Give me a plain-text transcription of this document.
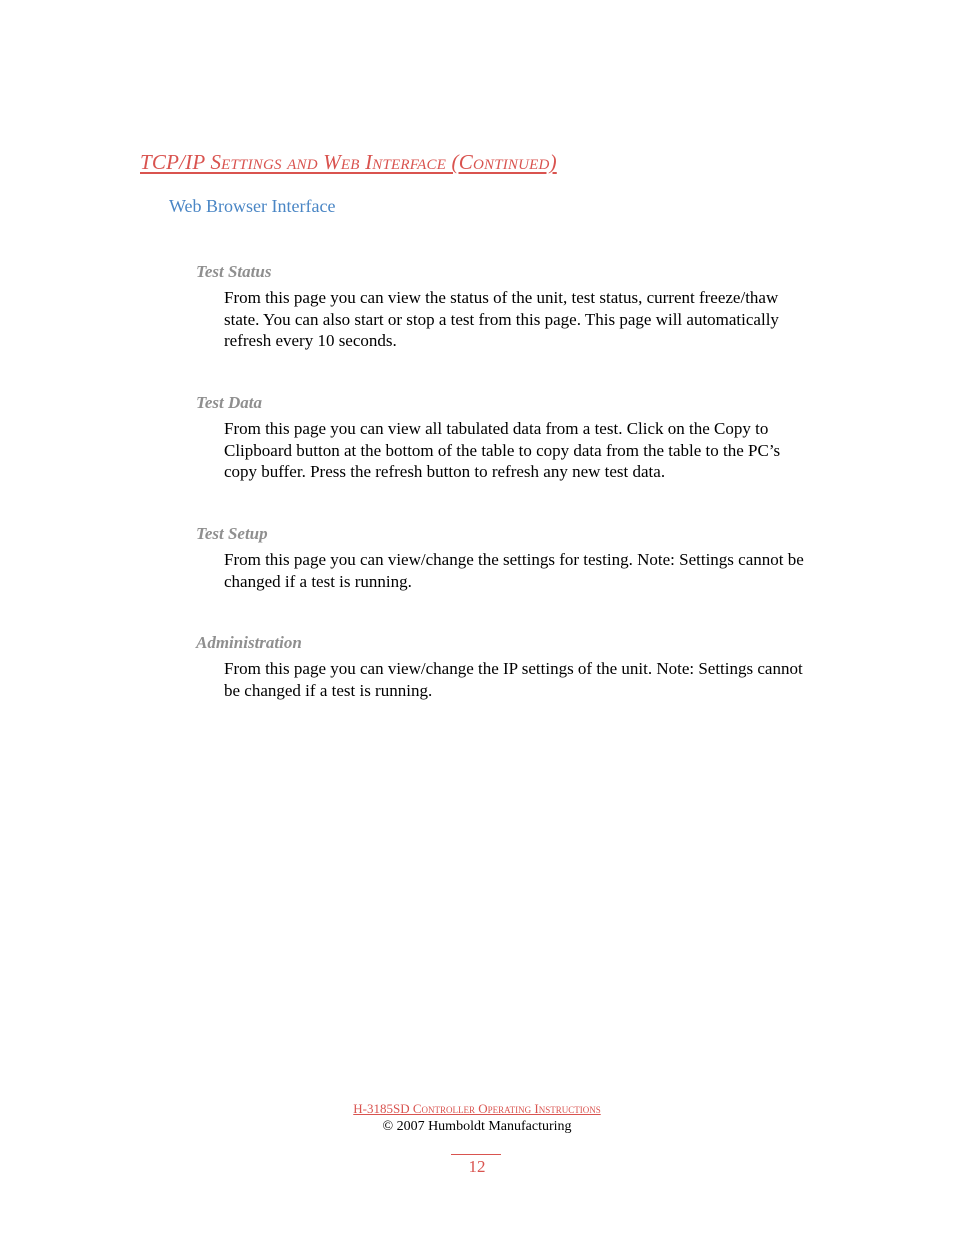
TCP/IP Settings and Web Interface (Continued)
Web Browser Interface
Test Status
From this page you can view the status of the unit, test status, current freeze/thaw state. You can also start or stop a test from this page. This page will automatically refresh every 10 seconds.
Test Data
From this page you can view all tabulated data from a test. Click on the Copy to Clipboard button at the bottom of the table to copy data from the table to the PC’s copy buffer. Press the refresh button to refresh any new test data.
Test Setup
From this page you can view/change the settings for testing. Note: Settings cannot be changed if a test is running.
Administration
From this page you can view/change the IP settings of the unit. Note: Settings cannot be changed if a test is running.
H-3185SD Controller Operating Instructions
© 2007 Humboldt Manufacturing
12
